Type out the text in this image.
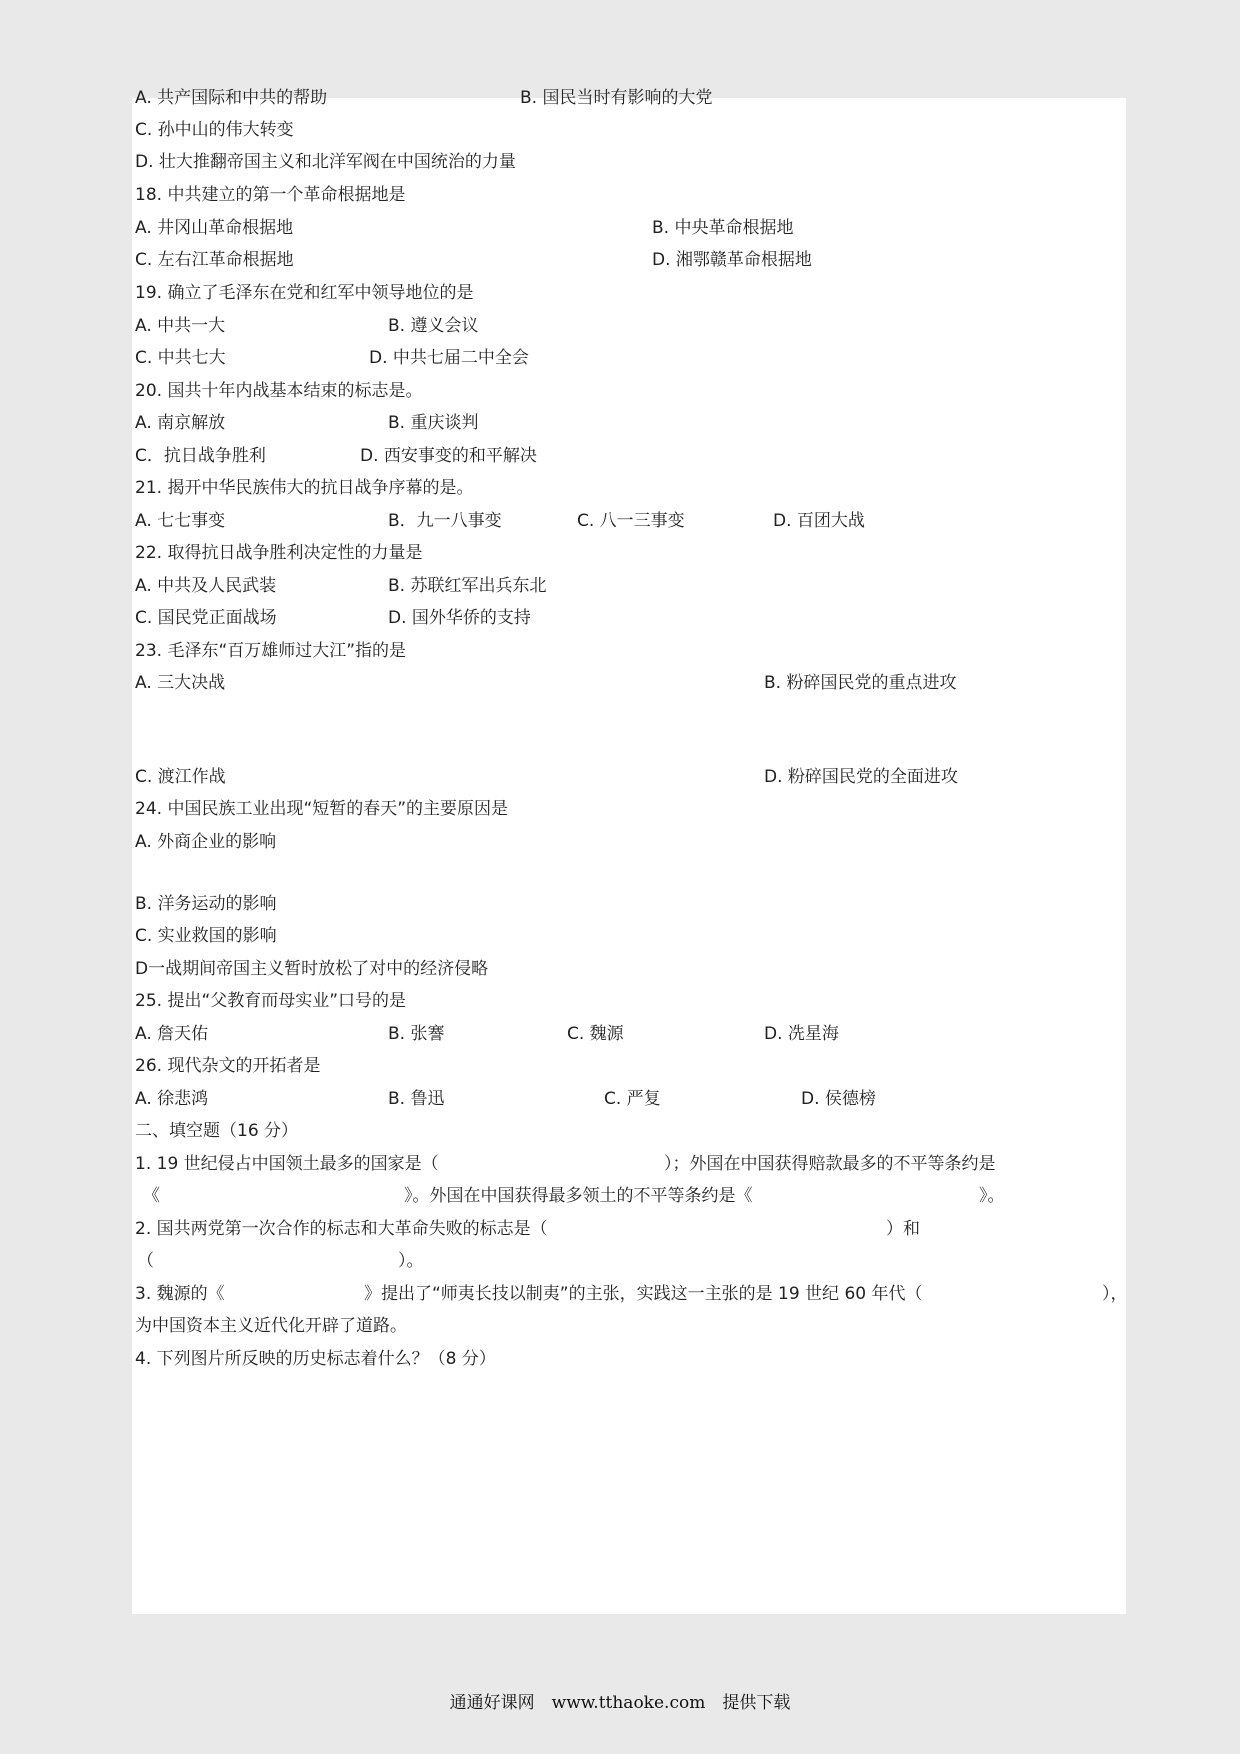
A. 共产国际和中共的帮助	B. 国民当时有影响的大党
C. 孙中山的伟大转变
D. 壮大推翻帝国主义和北洋军阀在中国统治的力量
18. 中共建立的第一个革命根据地是
A. 井冈山革命根据地	B. 中央革命根据地
C. 左右江革命根据地	D. 湘鄂赣革命根据地
19. 确立了毛泽东在党和红军中领导地位的是
A. 中共一大	B. 遵义会议
C. 中共七大	D. 中共七届二中全会
20. 国共十年内战基本结束的标志是。
A. 南京解放	B. 重庆谈判
C．抗日战争胜利	D. 西安事变的和平解决
21. 揭开中华民族伟大的抗日战争序幕的是。
A. 七七事变	B．九一八事变	C. 八一三事变	D. 百团大战
22. 取得抗日战争胜利决定性的力量是
A. 中共及人民武装	B. 苏联红军出兵东北
C. 国民党正面战场	D. 国外华侨的支持
23. 毛泽东“百万雄师过大江”指的是
A. 三大决战	B. 粉碎国民党的重点进攻
C. 渡江作战	D. 粉碎国民党的全面进攻
24. 中国民族工业出现“短暂的春天”的主要原因是
A. 外商企业的影响
B. 洋务运动的影响
C. 实业救国的影响
D一战期间帝国主义暂时放松了对中的经济侵略
25. 提出“父教育而母实业”口号的是
A. 詹天佑	B. 张謇	C. 魏源	D. 冼星海
26. 现代杂文的开拓者是
A. 徐悲鸿	B. 鲁迅	C. 严复	D. 侯德榜
二、填空题（16 分）
1. 19 世纪侵占中国领土最多的国家是（	）；外国在中国获得赔款最多的不平等条约是
《	》。外国在中国获得最多领土的不平等条约是《	》。
2. 国共两党第一次合作的标志和大革命失败的标志是（	）和
（	）。
3. 魏源的《	》提出了“师夷长技以制夷”的主张，实践这一主张的是 19 世纪 60 年代（	），
为中国资本主义近代化开辟了道路。
4. 下列图片所反映的历史标志着什么？（8 分）
通通好课网　www.tthaoke.com　提供下载
